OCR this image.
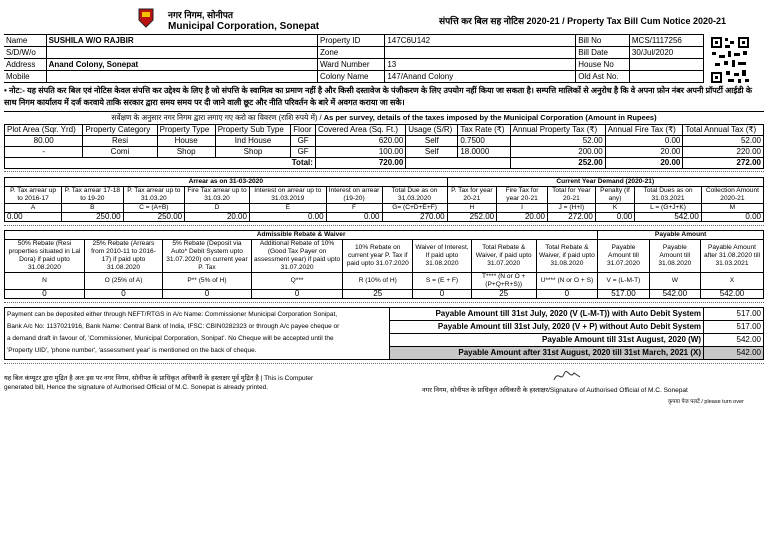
नगर निगम, सोनीपत
Municipal Corporation, Sonepat	संपत्ति कर बिल सह नोटिस 2020-21 / Property Tax Bill Cum Notice 2020-21
Name	SUSHILA W/O RAJBIR	Property ID	147C6U142	Bill No	MCS/1117256
S/D/W/o		Zone		Bill Date	30/Jul/2020
Address	Anand Colony, Sonepat	Ward Number	13	House No	
Mobile		Colony Name	147/Anand Colony	Old Ast No.	
• नोट:- यह संपति कर बिल एवं नोटिस केवल संपत्ति कर उद्देश्य के लिए है जो संपत्ति के स्वामित्व का प्रमाण नहीं है और किसी दस्तावेज के पंजीकरण के लिए उपयोग नहीं किया जा सकता है। सम्पत्ति मालिकों से अनुरोध है कि वे अपना फ़ोन नंबर अपनी प्रॉपर्टी आईडी के साथ निगम कार्यालय में दर्ज करवाये ताकि सरकार द्वारा समय समय पर दी जाने वाली छूट और नीति परिवर्तन के बारे में अवगत कराया जा सके।
सर्वेक्षण के अनुसार नगर निगम द्वारा लगाए गए करो का विवरण (राशि रुपये में) / As per survey, details of the taxes imposed by the Municipal Corporation (Amount in Rupees)
Plot Area (Sqr. Yrd)	Property Category	Property Type	Property Sub Type	Floor	Covered Area (Sq. Ft.)	Usage (S/R)	Tax Rate (₹)	Annual Property Tax (₹)	Annual Fire Tax (₹)	Total Annual Tax (₹)
80.00	Resi	House	Ind House	GF	620.00	Self	0.7500	52.00	0.00	52.00
-	Comi	Shop	Shop	GF	100.00	Self	18.0000	200.00	20.00	220.00
Total:					720.00			252.00	20.00	272.00
Arrear as on 31-03-2020							Current Year Demand (2020-21)					
P. Tax arrear up to 2016-17	P. Tax arrear 17-18 to 19-20	P. Tax arrear up to 31.03.20	Fire Tax arrear up to 31.03.20	Interest on arrear up to 31.03.2019	Interest on arrear (19-20)	Total Due as on 31.03.2020	P. Tax for year 20-21	Fire Tax for year 20-21	Total for Year 20-21	Penalty (If any)	Total Dues as on 31.03.2021	Collection Amount 2020-21
A	B	C = (A+B)	D	E	F	G= (C+D+E+F)	H	I	J = (H+I)	K	L = (G+J+K)	M
0.00	250.00	250.00	20.00	0.00	0.00	270.00	252.00	20.00	272.00	0.00	542.00	0.00
Admissible Rebate & Waiver								Payable Amount		
50% Rebate (Resi properties situated in Lal Dora) if paid upto 31.08.2020	25% Rebate (Arrears from 2010-11 to 2016-17) if paid upto 31.08.2020	5% Rebate (Deposit via Auto* Debit System upto 31.07.2020) on current year P. Tax	Additional Rebate of 10% (Good Tax Payer on assessment year) if paid upto 31.07.2020	10% Rebate on current year P. Tax if paid upto 31.07.2020	Waiver of Interest, If paid upto 31.08.2020	Total Rebate & Waiver, if paid upto 31.07.2020	Total Rebate & Waiver, if paid upto 31.08.2020	Payable Amount till 31.07.2020	Payable Amount till 31.08.2020	Payable Amount after 31.08.2020 till 31.03.2021
N	O (25% of A)	P** (5% of H)	Q***	R (10% of H)	S = (E + F)	T**** (N or O + (P+Q+R+S))	U**** (N or O + S)	V = (L-M-T)	W	X
0	0	0	0	25	0	25	0	517.00	542.00	542.00
Payment can be deposited either through NEFT/RTGS in A/c Name: Commissioner Municipal Corporation Sonipat,
Bank A/c No: 1137021916, Bank Name: Central Bank of India, IFSC: CBIN0282323 or through A/c payee cheque or
a demand draft in favour of, 'Commissioner, Municipal Corporation, Sonipat'. No Cheque will be accepted until the
'Property UID', 'phone number', 'assessment year' is mentioned on the back of cheque.	Payable Amount till 31st July, 2020 (V (L-M-T)) with Auto Debit System	517.00
	Payable Amount till 31st July, 2020 (V + P) without Auto Debit System	517.00
	Payable Amount till 31st August, 2020 (W)	542.00
	Payable Amount after 31st August, 2020 till 31st March, 2021 (X)	542.00
यह बिल कंप्यूटर द्वारा मुद्रित है अतः इस पर नगर निगम, सोनीपत के प्राधिकृत अधिकारी के हस्ताक्षर पूर्व मुद्रित है | This is Computer generated bill, Hence the signature of Authorised Official of M.C. Sonepat is already printed.	नगर निगम, सोनीपत के प्राधिकृत अधिकारी के हस्ताक्षर/Signature of Authorised Official of M.C. Sonepat
कृपया पेज पलटें / please turn over
